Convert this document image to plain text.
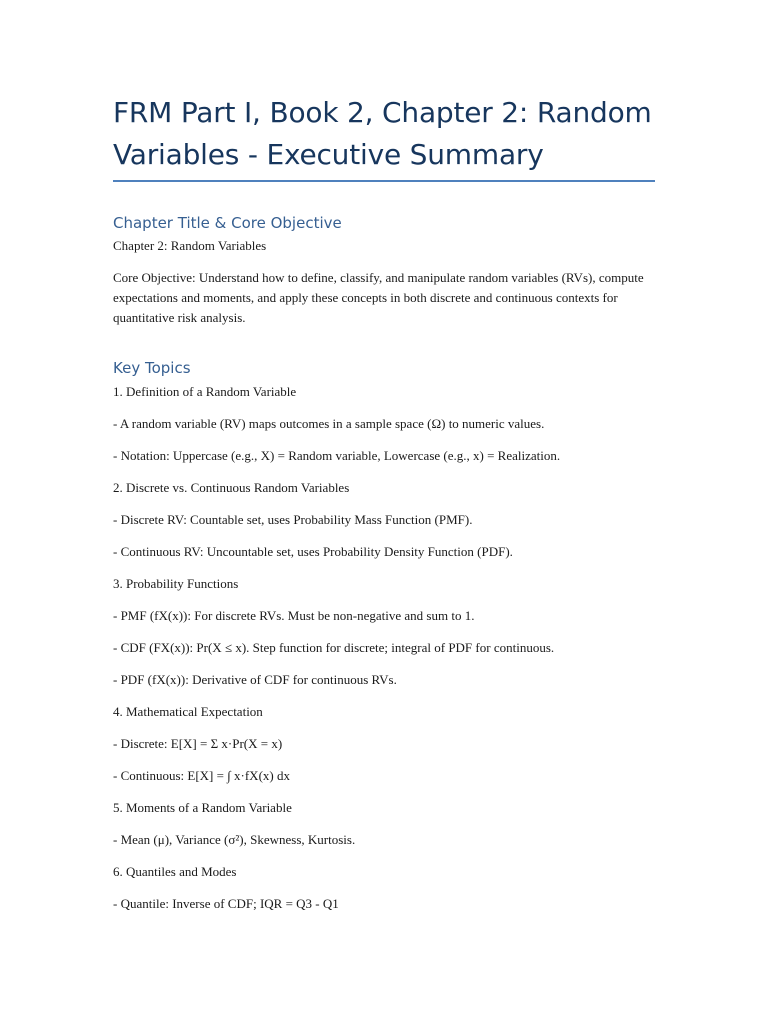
FRM Part I, Book 2, Chapter 2: Random Variables - Executive Summary
Chapter Title & Core Objective

Chapter 2: Random Variables

Core Objective: Understand how to define, classify, and manipulate random variables (RVs), compute expectations and moments, and apply these concepts in both discrete and continuous contexts for quantitative risk analysis.

Key Topics

1. Definition of a Random Variable

- A random variable (RV) maps outcomes in a sample space (Ω) to numeric values.

- Notation: Uppercase (e.g., X) = Random variable, Lowercase (e.g., x) = Realization.

2. Discrete vs. Continuous Random Variables

- Discrete RV: Countable set, uses Probability Mass Function (PMF).

- Continuous RV: Uncountable set, uses Probability Density Function (PDF).

3. Probability Functions

- PMF (fX(x)): For discrete RVs. Must be non-negative and sum to 1.

- CDF (FX(x)): Pr(X ≤ x). Step function for discrete; integral of PDF for continuous.

- PDF (fX(x)): Derivative of CDF for continuous RVs.

4. Mathematical Expectation

- Discrete: E[X] = Σ x·Pr(X = x)

- Continuous: E[X] = ∫ x·fX(x) dx

5. Moments of a Random Variable

- Mean (μ), Variance (σ²), Skewness, Kurtosis.

6. Quantiles and Modes

- Quantile: Inverse of CDF; IQR = Q3 - Q1
